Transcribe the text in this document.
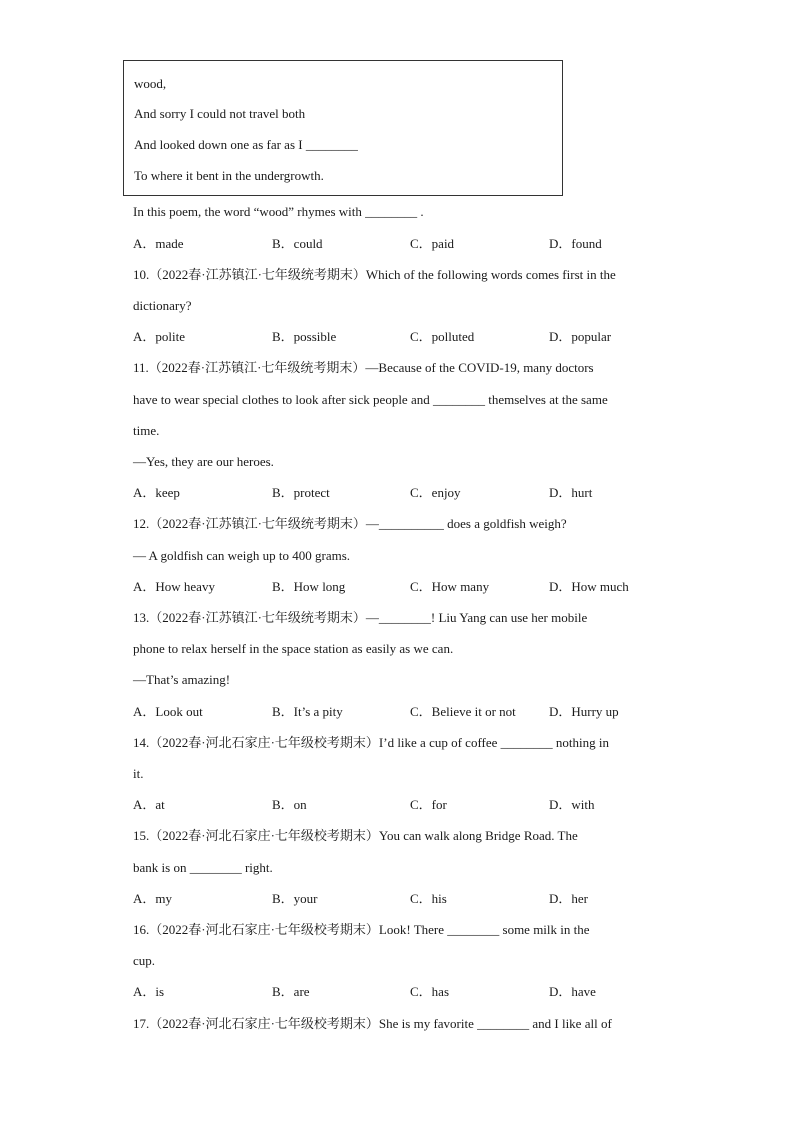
wood,
And sorry I could not travel both
And looked down one as far as I ________
To where it bent in the undergrowth.
In this poem, the word “wood” rhymes with ________ .
A．made	B．could	C．paid	D．found
10.（2022春·江苏镇江·七年级统考期末）Which of the following words comes first in the
dictionary?
A．polite	B．possible	C．polluted	D．popular
11.（2022春·江苏镇江·七年级统考期末）—Because of the COVID-19, many doctors
have to wear special clothes to look after sick people and ________ themselves at the same
time.
—Yes, they are our heroes.
A．keep	B．protect	C．enjoy	D．hurt
12.（2022春·江苏镇江·七年级统考期末）—__________ does a goldfish weigh?
— A goldfish can weigh up to 400 grams.
A．How heavy	B．How long	C．How many	D．How much
13.（2022春·江苏镇江·七年级统考期末）—________! Liu Yang can use her mobile
phone to relax herself in the space station as easily as we can.
—That’s amazing!
A．Look out	B．It’s a pity	C．Believe it or not	D．Hurry up
14.（2022春·河北石家庄·七年级校考期末）I’d like a cup of coffee ________ nothing in
it.
A．at	B．on	C．for	D．with
15.（2022春·河北石家庄·七年级校考期末）You can walk along Bridge Road. The
bank is on ________ right.
A．my	B．your	C．his	D．her
16.（2022春·河北石家庄·七年级校考期末）Look! There ________ some milk in the
cup.
A．is	B．are	C．has	D．have
17.（2022春·河北石家庄·七年级校考期末）She is my favorite ________ and I like all of
